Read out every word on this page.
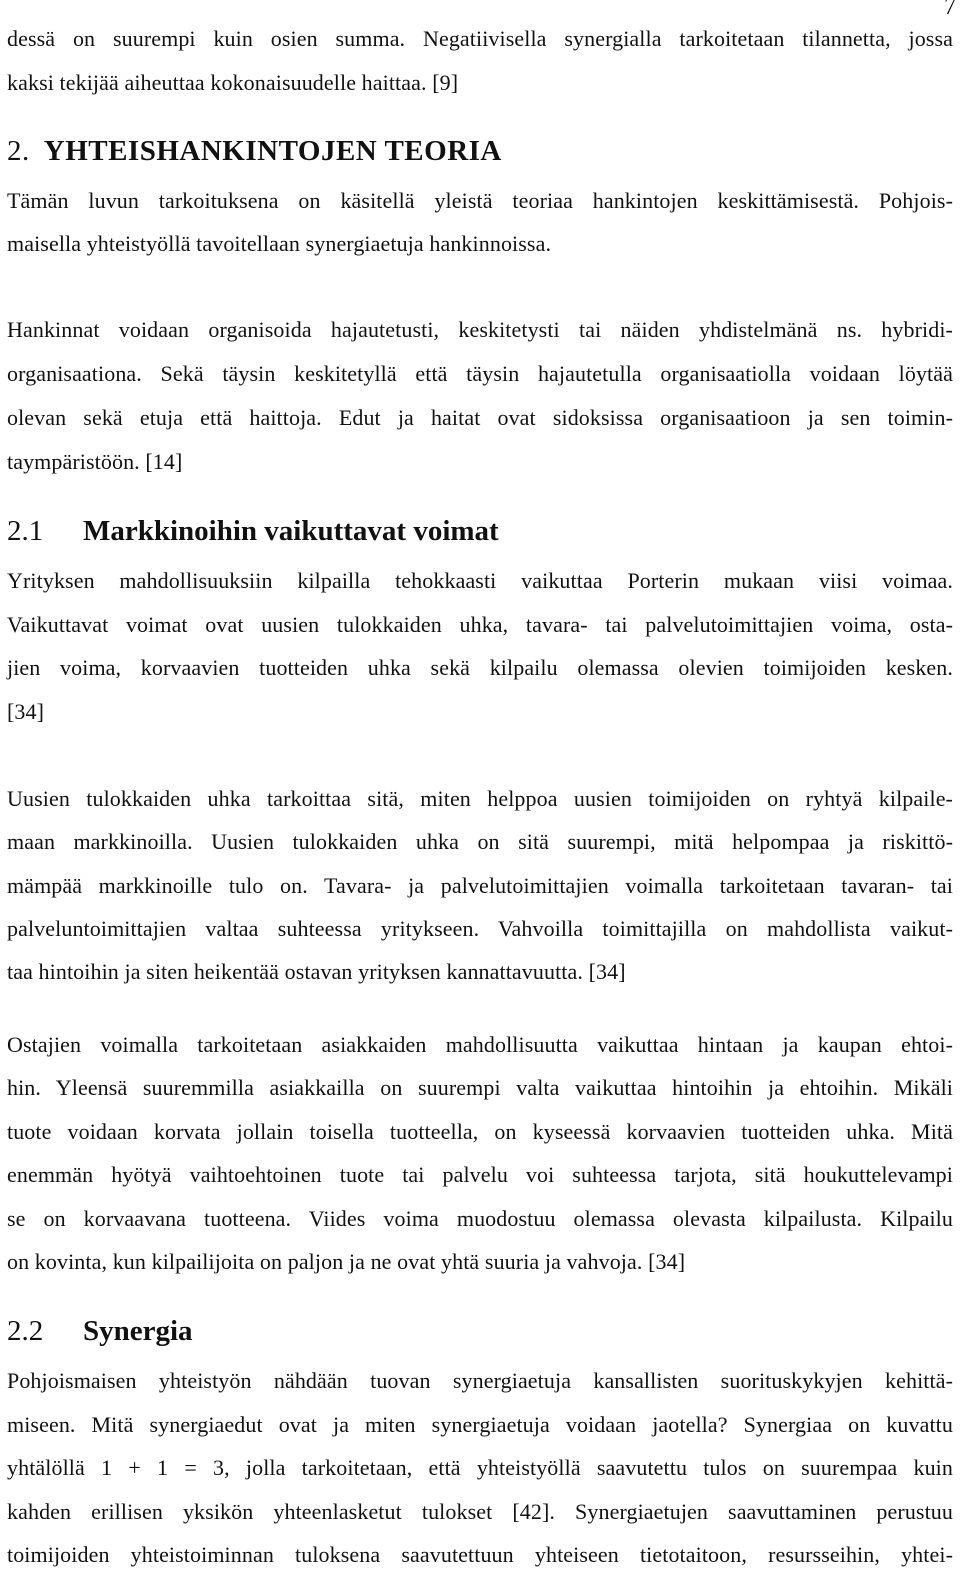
7
dessä on suurempi kuin osien summa. Negatiivisella synergialla tarkoitetaan tilannetta, jossa
kaksi tekijää aiheuttaa kokonaisuudelle haittaa. [9]
2. YHTEISHANKINTOJEN TEORIA
Tämän luvun tarkoituksena on käsitellä yleistä teoriaa hankintojen keskittämisestä. Pohjois-
maisella yhteistyöllä tavoitellaan synergiaetuja hankinnoissa.
Hankinnat voidaan organisoida hajautetusti, keskitetysti tai näiden yhdistelmänä ns. hybridi-
organisaationa. Sekä täysin keskitetyllä että täysin hajautetulla organisaatiolla voidaan löytää
olevan sekä etuja että haittoja. Edut ja haitat ovat sidoksissa organisaatioon ja sen toimin-
taympäristöön. [14]
2.1 Markkinoihin vaikuttavat voimat
Yrityksen mahdollisuuksiin kilpailla tehokkaasti vaikuttaa Porterin mukaan viisi voimaa.
Vaikuttavat voimat ovat uusien tulokkaiden uhka, tavara- tai palvelutoimittajien voima, osta-
jien voima, korvaavien tuotteiden uhka sekä kilpailu olemassa olevien toimijoiden kesken.
[34]
Uusien tulokkaiden uhka tarkoittaa sitä, miten helppoa uusien toimijoiden on ryhtyä kilpaile-
maan markkinoilla. Uusien tulokkaiden uhka on sitä suurempi, mitä helpompaa ja riskittö-
mämpää markkinoille tulo on. Tavara- ja palvelutoimittajien voimalla tarkoitetaan tavaran- tai
palveluntoimittajien valtaa suhteessa yritykseen. Vahvoilla toimittajilla on mahdollista vaikut-
taa hintoihin ja siten heikentää ostavan yrityksen kannattavuutta. [34]
Ostajien voimalla tarkoitetaan asiakkaiden mahdollisuutta vaikuttaa hintaan ja kaupan ehtoi-
hin. Yleensä suuremmilla asiakkailla on suurempi valta vaikuttaa hintoihin ja ehtoihin. Mikäli
tuote voidaan korvata jollain toisella tuotteella, on kyseessä korvaavien tuotteiden uhka. Mitä
enemmän hyötyä vaihtoehtoinen tuote tai palvelu voi suhteessa tarjota, sitä houkuttelevampi
se on korvaavana tuotteena. Viides voima muodostuu olemassa olevasta kilpailusta. Kilpailu
on kovinta, kun kilpailijoita on paljon ja ne ovat yhtä suuria ja vahvoja. [34]
2.2 Synergia
Pohjoismaisen yhteistyön nähdään tuovan synergiaetuja kansallisten suorituskykyjen kehittä-
miseen. Mitä synergiaedut ovat ja miten synergiaetuja voidaan jaotella? Synergiaa on kuvattu
yhtälöllä 1 + 1 = 3, jolla tarkoitetaan, että yhteistyöllä saavutettu tulos on suurempaa kuin
kahden erillisen yksikön yhteenlasketut tulokset [42]. Synergiaetujen saavuttaminen perustuu
toimijoiden yhteistoiminnan tuloksena saavutettuun yhteiseen tietotaitoon, resursseihin, yhtei-
